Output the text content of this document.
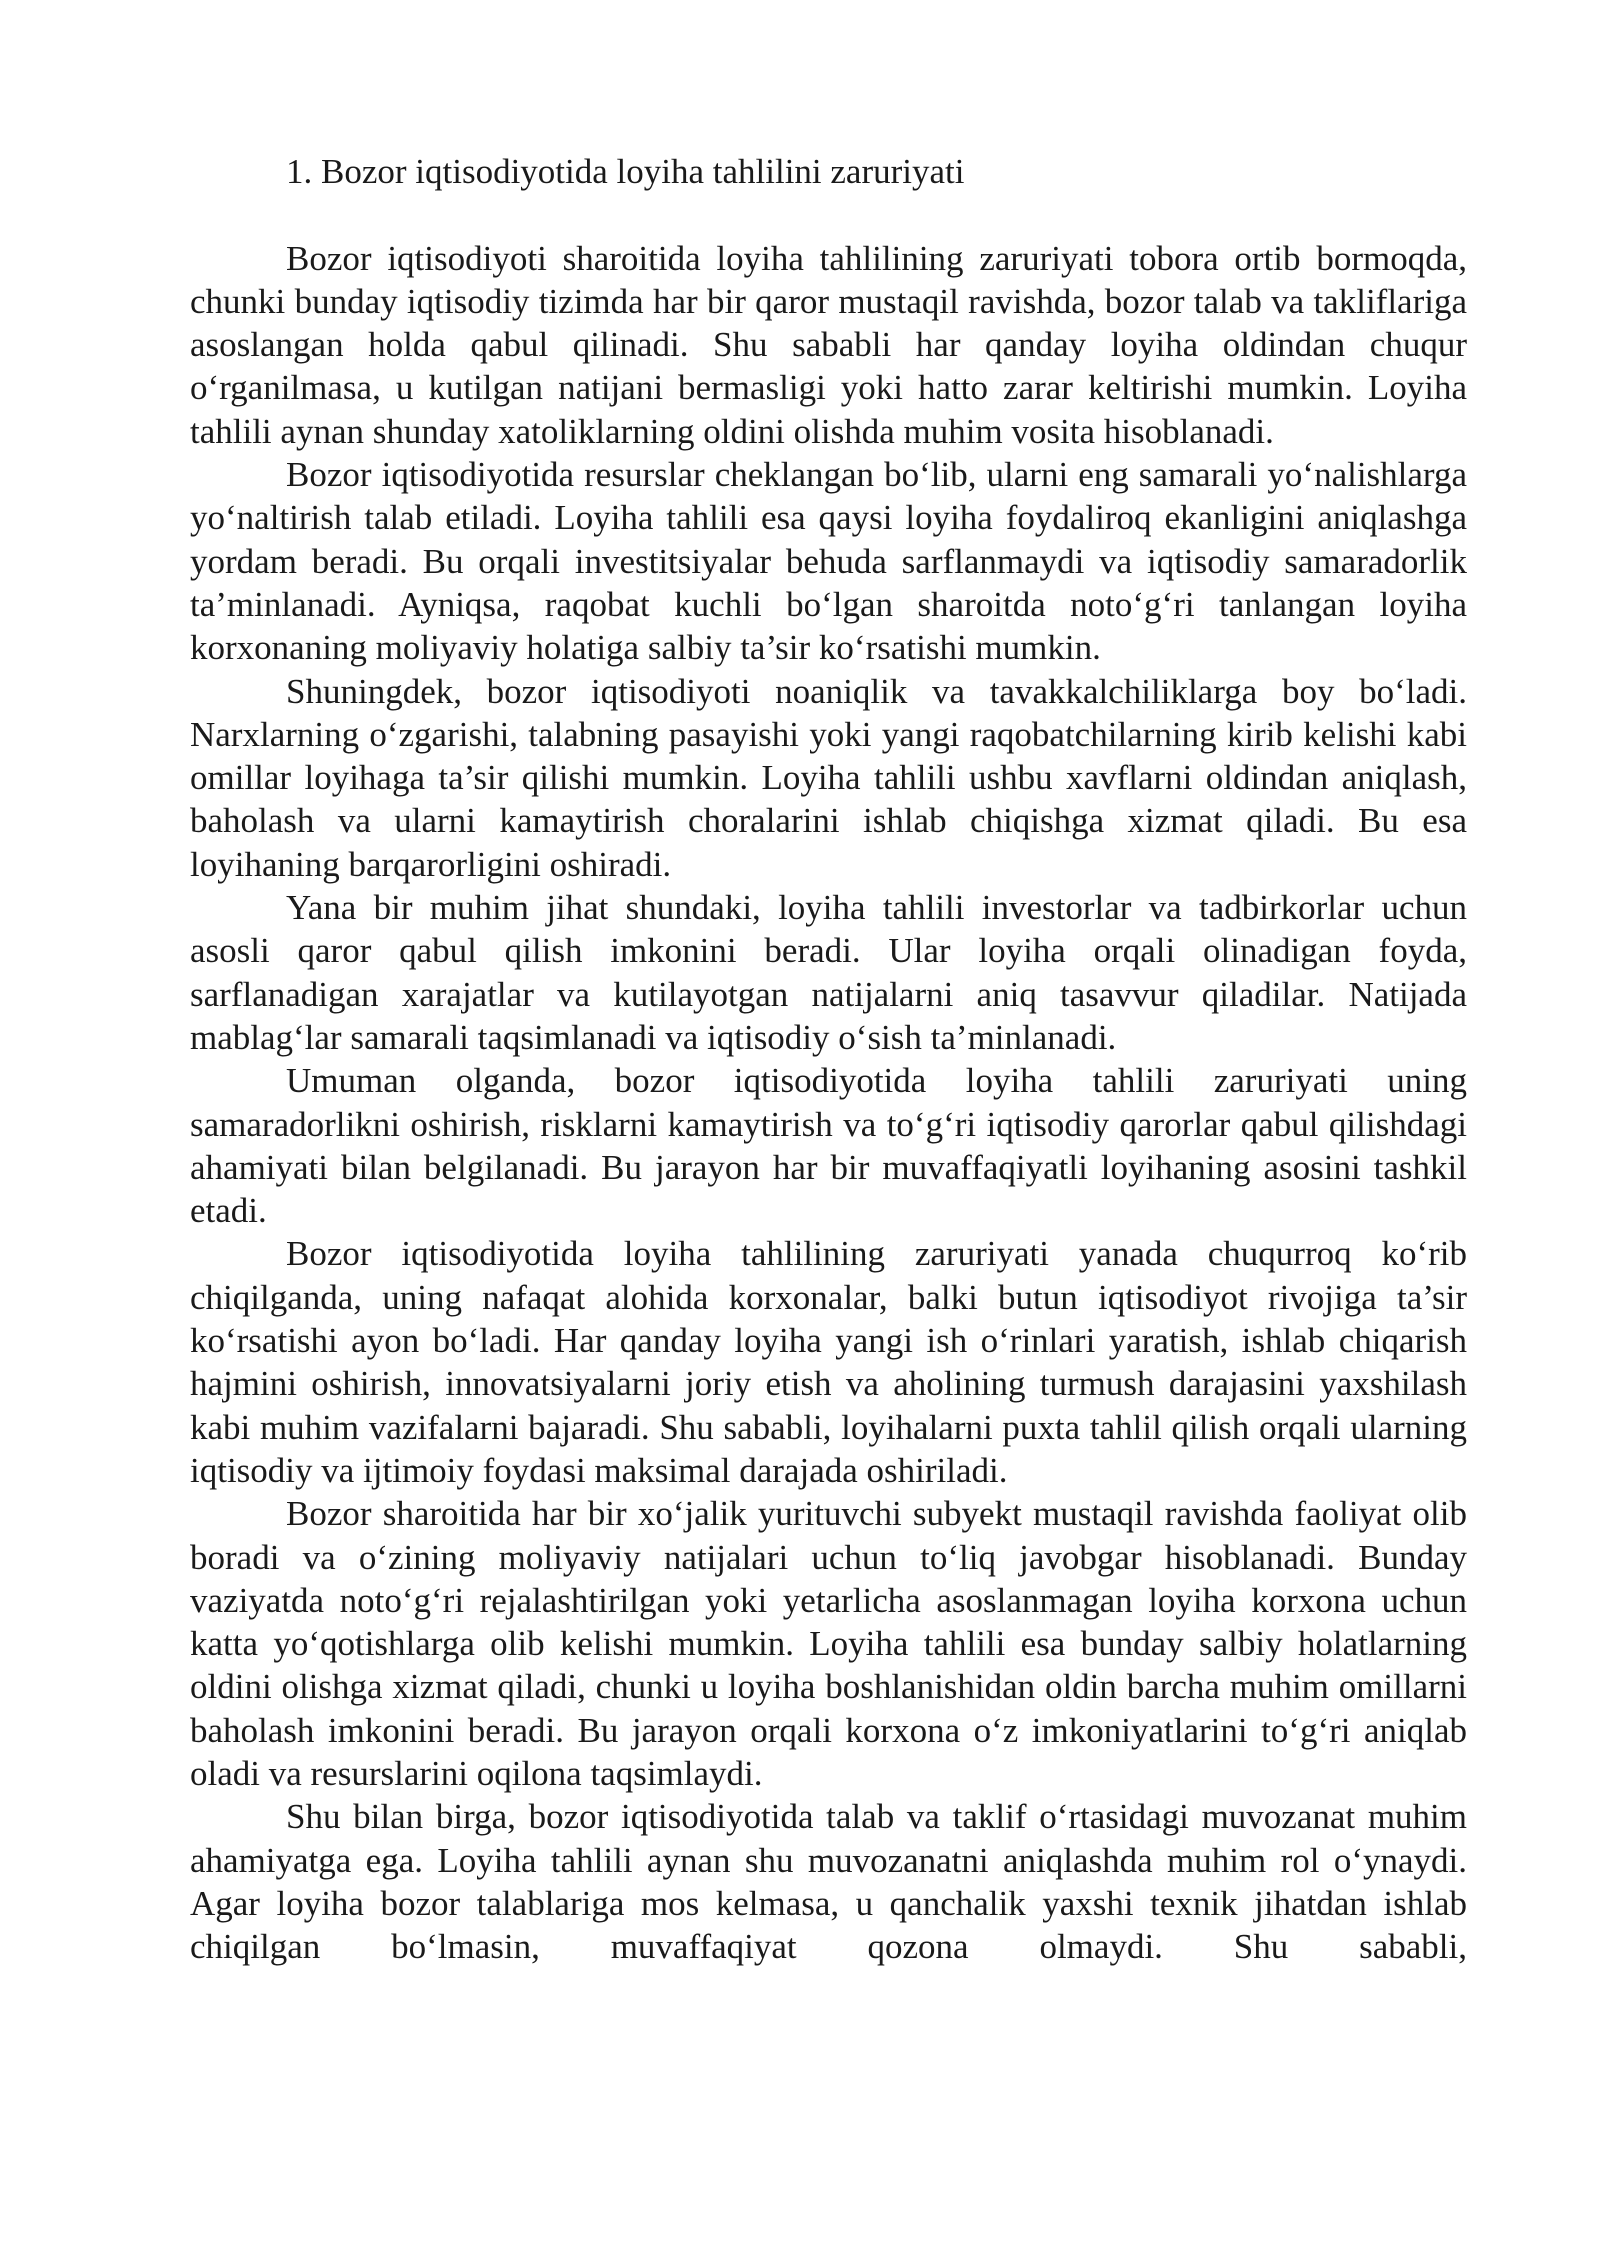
1. Bozor iqtisodiyotida loyiha tahlilini zaruriyati

Bozor iqtisodiyoti sharoitida loyiha tahlilining zaruriyati tobora ortib bormoqda, chunki bunday iqtisodiy tizimda har bir qaror mustaqil ravishda, bozor talab va takliflariga asoslangan holda qabul qilinadi. Shu sababli har qanday loyiha oldindan chuqur o‘rganilmasa, u kutilgan natijani bermasligi yoki hatto zarar keltirishi mumkin. Loyiha tahlili aynan shunday xatoliklarning oldini olishda muhim vosita hisoblanadi.

Bozor iqtisodiyotida resurslar cheklangan bo‘lib, ularni eng samarali yo‘nalishlarga yo‘naltirish talab etiladi. Loyiha tahlili esa qaysi loyiha foydaliroq ekanligini aniqlashga yordam beradi. Bu orqali investitsiyalar behuda sarflanmaydi va iqtisodiy samaradorlik ta’minlanadi. Ayniqsa, raqobat kuchli bo‘lgan sharoitda noto‘g‘ri tanlangan loyiha korxonaning moliyaviy holatiga salbiy ta’sir ko‘rsatishi mumkin.

Shuningdek, bozor iqtisodiyoti noaniqlik va tavakkalchiliklarga boy bo‘ladi. Narxlarning o‘zgarishi, talabning pasayishi yoki yangi raqobatchilarning kirib kelishi kabi omillar loyihaga ta’sir qilishi mumkin. Loyiha tahlili ushbu xavflarni oldindan aniqlash, baholash va ularni kamaytirish choralarini ishlab chiqishga xizmat qiladi. Bu esa loyihaning barqarorligini oshiradi.

Yana bir muhim jihat shundaki, loyiha tahlili investorlar va tadbirkorlar uchun asosli qaror qabul qilish imkonini beradi. Ular loyiha orqali olinadigan foyda, sarflanadigan xarajatlar va kutilayotgan natijalarni aniq tasavvur qiladilar. Natijada mablag‘lar samarali taqsimlanadi va iqtisodiy o‘sish ta’minlanadi.

Umuman olganda, bozor iqtisodiyotida loyiha tahlili zaruriyati uning samaradorlikni oshirish, risklarni kamaytirish va to‘g‘ri iqtisodiy qarorlar qabul qilishdagi ahamiyati bilan belgilanadi. Bu jarayon har bir muvaffaqiyatli loyihaning asosini tashkil etadi.

Bozor iqtisodiyotida loyiha tahlilining zaruriyati yanada chuqurroq ko‘rib chiqilganda, uning nafaqat alohida korxonalar, balki butun iqtisodiyot rivojiga ta’sir ko‘rsatishi ayon bo‘ladi. Har qanday loyiha yangi ish o‘rinlari yaratish, ishlab chiqarish hajmini oshirish, innovatsiyalarni joriy etish va aholining turmush darajasini yaxshilash kabi muhim vazifalarni bajaradi. Shu sababli, loyihalarni puxta tahlil qilish orqali ularning iqtisodiy va ijtimoiy foydasi maksimal darajada oshiriladi.

Bozor sharoitida har bir xo‘jalik yurituvchi subyekt mustaqil ravishda faoliyat olib boradi va o‘zining moliyaviy natijalari uchun to‘liq javobgar hisoblanadi. Bunday vaziyatda noto‘g‘ri rejalashtirilgan yoki yetarlicha asoslanmagan loyiha korxona uchun katta yo‘qotishlarga olib kelishi mumkin. Loyiha tahlili esa bunday salbiy holatlarning oldini olishga xizmat qiladi, chunki u loyiha boshlanishidan oldin barcha muhim omillarni baholash imkonini beradi. Bu jarayon orqali korxona o‘z imkoniyatlarini to‘g‘ri aniqlab oladi va resurslarini oqilona taqsimlaydi.

Shu bilan birga, bozor iqtisodiyotida talab va taklif o‘rtasidagi muvozanat muhim ahamiyatga ega. Loyiha tahlili aynan shu muvozanatni aniqlashda muhim rol o‘ynaydi. Agar loyiha bozor talablariga mos kelmasa, u qanchalik yaxshi texnik jihatdan ishlab chiqilgan bo‘lmasin, muvaffaqiyat qozona olmaydi. Shu sababli,
